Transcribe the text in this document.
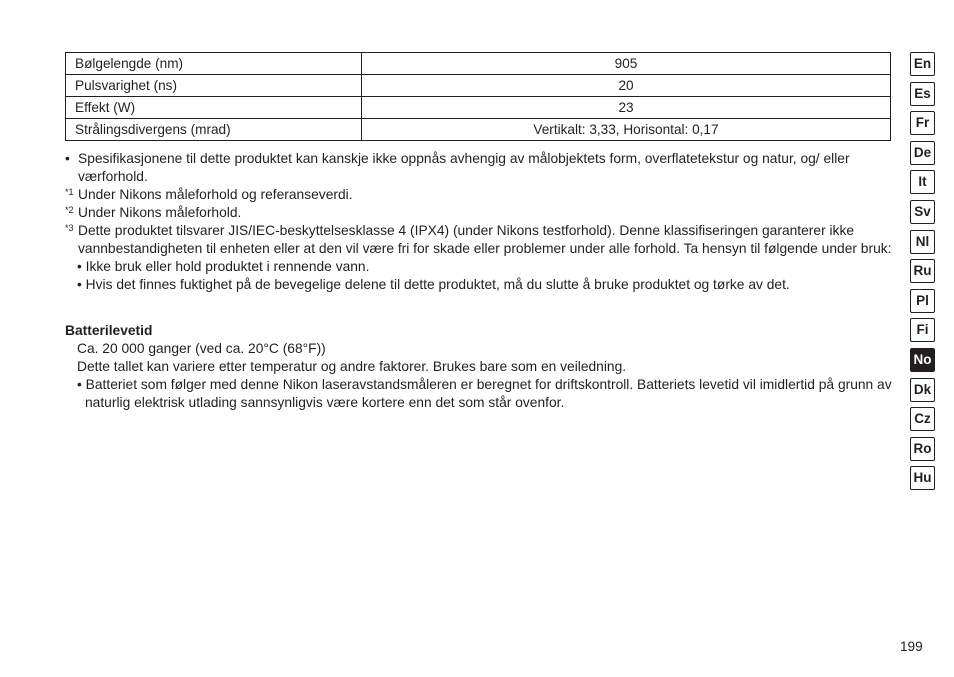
Bølgelengde (nm)	905
Pulsvarighet (ns)	20
Effekt (W)	23
Strålingsdivergens (mrad)	Vertikalt: 3,33, Horisontal: 0,17

• Spesifikasjonene til dette produktet kan kanskje ikke oppnås avhengig av målobjektets form, overflatetekstur og natur, og/ eller værforhold.

*1 Under Nikons måleforhold og referanseverdi.

*2 Under Nikons måleforhold.

*3 Dette produktet tilsvarer JIS/IEC-beskyttelsesklasse 4 (IPX4) (under Nikons testforhold). Denne klassifiseringen garanterer ikke vannbestandigheten til enheten eller at den vil være fri for skade eller problemer under alle forhold. Ta hensyn til følgende under bruk:

• Ikke bruk eller hold produktet i rennende vann.

• Hvis det finnes fuktighet på de bevegelige delene til dette produktet, må du slutte å bruke produktet og tørke av det.

Batterilevetid

Ca. 20 000 ganger (ved ca. 20°C (68°F))

Dette tallet kan variere etter temperatur og andre faktorer. Brukes bare som en veiledning.

• Batteriet som følger med denne Nikon laseravstandsmåleren er beregnet for driftskontroll. Batteriets levetid vil imidlertid på grunn av naturlig elektrisk utlading sannsynligvis være kortere enn det som står ovenfor.

En
Es
Fr
De
It
Sv
Nl
Ru
Pl
Fi
No
Dk
Cz
Ro
Hu
199
